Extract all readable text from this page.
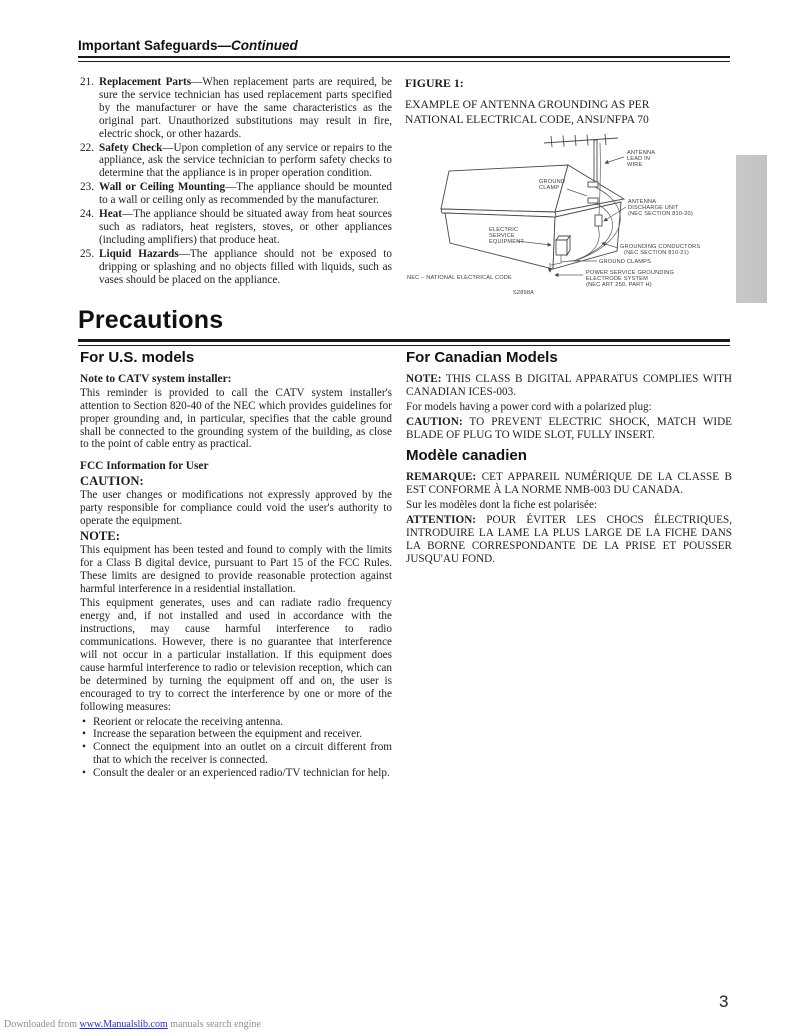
Important Safeguards—Continued
21. Replacement Parts—When replacement parts are required, be sure the service technician has used replacement parts specified by the manufacturer or have the same characteristics as the original part. Unauthorized substitutions may result in fire, electric shock, or other hazards.
22. Safety Check—Upon completion of any service or repairs to the appliance, ask the service technician to perform safety checks to determine that the appliance is in proper operation condition.
23. Wall or Ceiling Mounting—The appliance should be mounted to a wall or ceiling only as recommended by the manufacturer.
24. Heat—The appliance should be situated away from heat sources such as radiators, heat registers, stoves, or other appliances (including amplifiers) that produce heat.
25. Liquid Hazards—The appliance should not be exposed to dripping or splashing and no objects filled with liquids, such as vases should be placed on the appliance.
FIGURE 1:
EXAMPLE OF ANTENNA GROUNDING AS PER
NATIONAL ELECTRICAL CODE, ANSI/NFPA 70
ANTENNA
LEAD IN
WIRE
GROUND
CLAMP
ANTENNA
DISCHARGE UNIT
(NEC SECTION 810-20)
ELECTRIC
SERVICE
EQUIPMENT
GROUNDING CONDUCTORS
(NEC SECTION 810-21)
GROUND CLAMPS
POWER SERVICE GROUNDING
ELECTRODE SYSTEM
(NEC ART 250, PART H)
NEC – NATIONAL ELECTRICAL CODE
S2898A
Precautions
For U.S. models
Note to CATV system installer:

This reminder is provided to call the CATV system installer's attention to Section 820-40 of the NEC which provides guidelines for proper grounding and, in particular, specifies that the cable ground shall be connected to the grounding system of the building, as close to the point of cable entry as practical.

FCC Information for User
CAUTION:

The user changes or modifications not expressly approved by the party responsible for compliance could void the user's authority to operate the equipment.

NOTE:

This equipment has been tested and found to comply with the limits for a Class B digital device, pursuant to Part 15 of the FCC Rules. These limits are designed to provide reasonable protection against harmful interference in a residential installation.

This equipment generates, uses and can radiate radio frequency energy and, if not installed and used in accordance with the instructions, may cause harmful interference to radio communications. However, there is no guarantee that interference will not occur in a particular installation. If this equipment does cause harmful interference to radio or television reception, which can be determined by turning the equipment off and on, the user is encouraged to try to correct the interference by one or more of the following measures:

• Reorient or relocate the receiving antenna.
• Increase the separation between the equipment and receiver.
• Connect the equipment into an outlet on a circuit different from that to which the receiver is connected.
• Consult the dealer or an experienced radio/TV technician for help.
For Canadian Models

NOTE: THIS CLASS B DIGITAL APPARATUS COMPLIES WITH CANADIAN ICES-003.

For models having a power cord with a polarized plug:

CAUTION: TO PREVENT ELECTRIC SHOCK, MATCH WIDE BLADE OF PLUG TO WIDE SLOT, FULLY INSERT.

Modèle canadien

REMARQUE: CET APPAREIL NUMÉRIQUE DE LA CLASSE B EST CONFORME À LA NORME NMB-003 DU CANADA.

Sur les modèles dont la fiche est polarisée:

ATTENTION: POUR ÉVITER LES CHOCS ÉLECTRIQUES, INTRODUIRE LA LAME LA PLUS LARGE DE LA FICHE DANS LA BORNE CORRESPONDANTE DE LA PRISE ET POUSSER JUSQU'AU FOND.

3
Downloaded from www.Manualslib.com manuals search engine
